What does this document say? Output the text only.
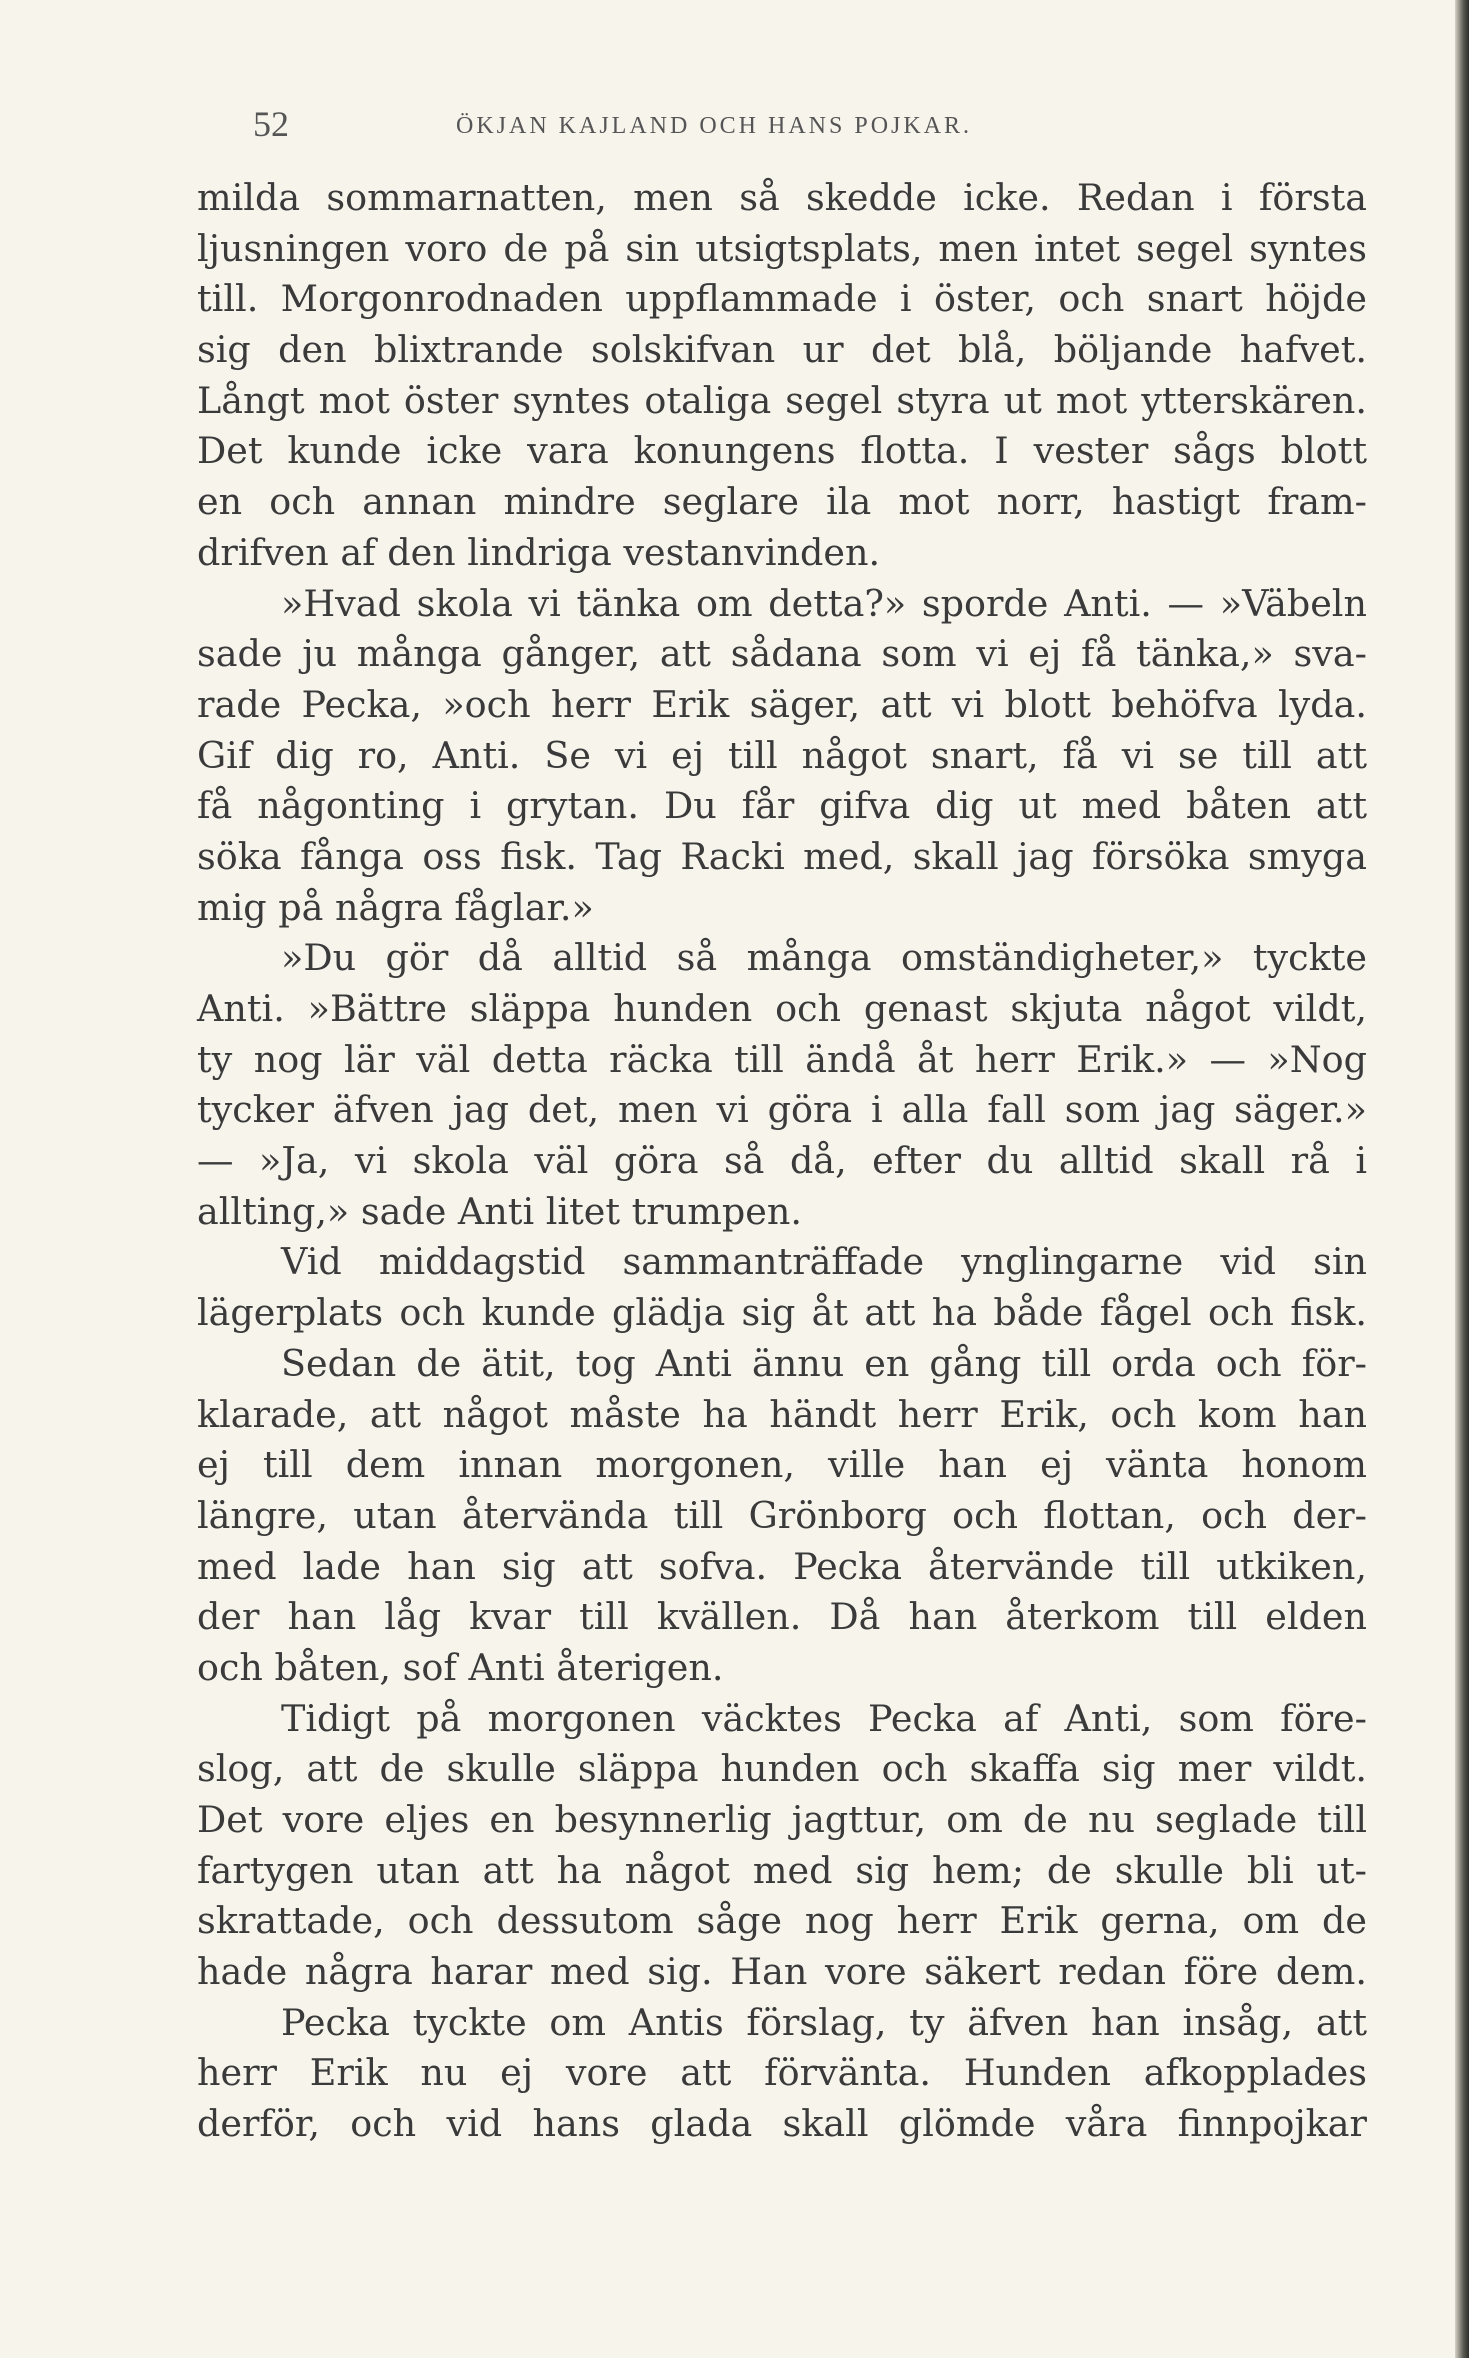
52	ÖKJAN KAJLAND OCH HANS POJKAR.
milda sommarnatten, men så skedde icke. Redan i första
ljusningen voro de på sin utsigtsplats, men intet segel syntes
till. Morgonrodnaden uppflammade i öster, och snart höjde
sig den blixtrande solskifvan ur det blå, böljande hafvet.
Långt mot öster syntes otaliga segel styra ut mot ytterskären.
Det kunde icke vara konungens flotta. I vester sågs blott
en och annan mindre seglare ila mot norr, hastigt fram-
drifven af den lindriga vestanvinden.
»Hvad skola vi tänka om detta?» sporde Anti. — »Väbeln
sade ju många gånger, att sådana som vi ej få tänka,» sva-
rade Pecka, »och herr Erik säger, att vi blott behöfva lyda.
Gif dig ro, Anti. Se vi ej till något snart, få vi se till att
få någonting i grytan. Du får gifva dig ut med båten att
söka fånga oss fisk. Tag Racki med, skall jag försöka smyga
mig på några fåglar.»
»Du gör då alltid så många omständigheter,» tyckte
Anti. »Bättre släppa hunden och genast skjuta något vildt,
ty nog lär väl detta räcka till ändå åt herr Erik.» — »Nog
tycker äfven jag det, men vi göra i alla fall som jag säger.»
— »Ja, vi skola väl göra så då, efter du alltid skall rå i
allting,» sade Anti litet trumpen.
Vid middagstid sammanträffade ynglingarne vid sin
lägerplats och kunde glädja sig åt att ha både fågel och fisk.
Sedan de ätit, tog Anti ännu en gång till orda och för-
klarade, att något måste ha händt herr Erik, och kom han
ej till dem innan morgonen, ville han ej vänta honom
längre, utan återvända till Grönborg och flottan, och der-
med lade han sig att sofva. Pecka återvände till utkiken,
der han låg kvar till kvällen. Då han återkom till elden
och båten, sof Anti återigen.
Tidigt på morgonen väcktes Pecka af Anti, som före-
slog, att de skulle släppa hunden och skaffa sig mer vildt.
Det vore eljes en besynnerlig jagttur, om de nu seglade till
fartygen utan att ha något med sig hem; de skulle bli ut-
skrattade, och dessutom såge nog herr Erik gerna, om de
hade några harar med sig. Han vore säkert redan före dem.
Pecka tyckte om Antis förslag, ty äfven han insåg, att
herr Erik nu ej vore att förvänta. Hunden afkopplades
derför, och vid hans glada skall glömde våra finnpojkar
